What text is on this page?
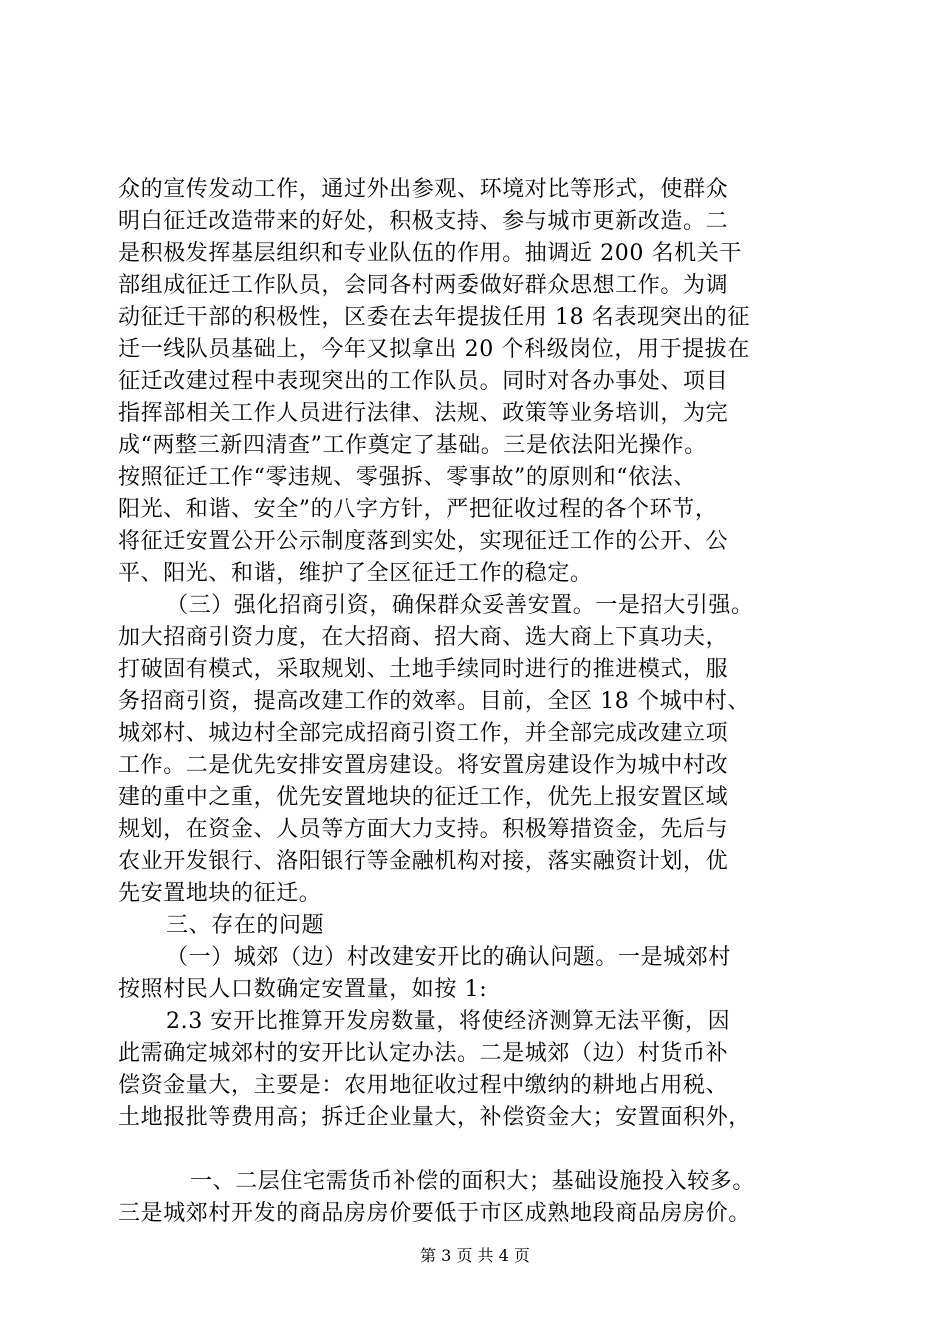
众的宣传发动工作，通过外出参观、环境对比等形式，使群众
明白征迁改造带来的好处，积极支持、参与城市更新改造。二
是积极发挥基层组织和专业队伍的作用。抽调近 200 名机关干
部组成征迁工作队员，会同各村两委做好群众思想工作。为调
动征迁干部的积极性，区委在去年提拔任用 18 名表现突出的征
迁一线队员基础上，今年又拟拿出 20 个科级岗位，用于提拔在
征迁改建过程中表现突出的工作队员。同时对各办事处、项目
指挥部相关工作人员进行法律、法规、政策等业务培训，为完
成“两整三新四清查”工作奠定了基础。三是依法阳光操作。
按照征迁工作“零违规、零强拆、零事故”的原则和“依法、
阳光、和谐、安全”的八字方针，严把征收过程的各个环节，
将征迁安置公开公示制度落到实处，实现征迁工作的公开、公
平、阳光、和谐，维护了全区征迁工作的稳定。
（三）强化招商引资，确保群众妥善安置。一是招大引强。
加大招商引资力度，在大招商、招大商、选大商上下真功夫，
打破固有模式，采取规划、土地手续同时进行的推进模式，服
务招商引资，提高改建工作的效率。目前，全区 18 个城中村、
城郊村、城边村全部完成招商引资工作，并全部完成改建立项
工作。二是优先安排安置房建设。将安置房建设作为城中村改
建的重中之重，优先安置地块的征迁工作，优先上报安置区域
规划，在资金、人员等方面大力支持。积极筹措资金，先后与
农业开发银行、洛阳银行等金融机构对接，落实融资计划，优
先安置地块的征迁。
三、存在的问题
（一）城郊（边）村改建安开比的确认问题。一是城郊村
按照村民人口数确定安置量，如按 1:
2.3 安开比推算开发房数量，将使经济测算无法平衡，因
此需确定城郊村的安开比认定办法。二是城郊（边）村货币补
偿资金量大，主要是：农用地征收过程中缴纳的耕地占用税、
土地报批等费用高；拆迁企业量大，补偿资金大；安置面积外，
一、二层住宅需货币补偿的面积大；基础设施投入较多。
三是城郊村开发的商品房房价要低于市区成熟地段商品房房价。
第 3 页 共 4 页
